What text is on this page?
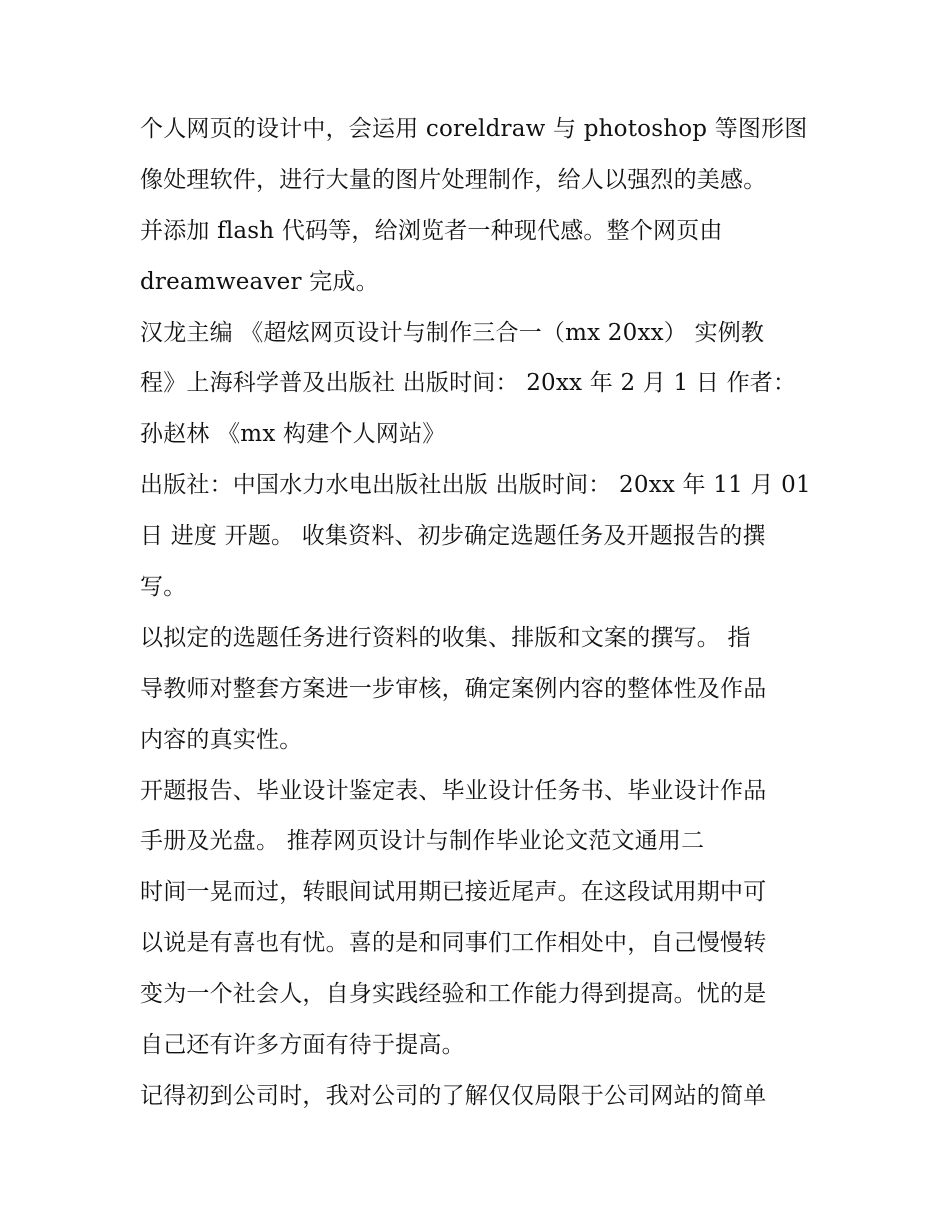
个人网页的设计中，会运用 coreldraw 与 photoshop 等图形图
像处理软件，进行大量的图片处理制作，给人以强烈的美感。
并添加 flash 代码等，给浏览者一种现代感。整个网页由
dreamweaver 完成。
汉龙主编 《超炫网页设计与制作三合一（mx 20xx） 实例教
程》上海科学普及出版社 出版时间： 20xx 年 2 月 1 日 作者：
孙赵林 《mx 构建个人网站》
出版社：中国水力水电出版社出版 出版时间： 20xx 年 11 月 01
日 进度 开题。 收集资料、初步确定选题任务及开题报告的撰
写。
以拟定的选题任务进行资料的收集、排版和文案的撰写。 指
导教师对整套方案进一步审核，确定案例内容的整体性及作品
内容的真实性。
开题报告、毕业设计鉴定表、毕业设计任务书、毕业设计作品
手册及光盘。 推荐网页设计与制作毕业论文范文通用二
时间一晃而过，转眼间试用期已接近尾声。在这段试用期中可
以说是有喜也有忧。喜的是和同事们工作相处中，自己慢慢转
变为一个社会人，自身实践经验和工作能力得到提高。忧的是
自己还有许多方面有待于提高。
记得初到公司时，我对公司的了解仅仅局限于公司网站的简单
